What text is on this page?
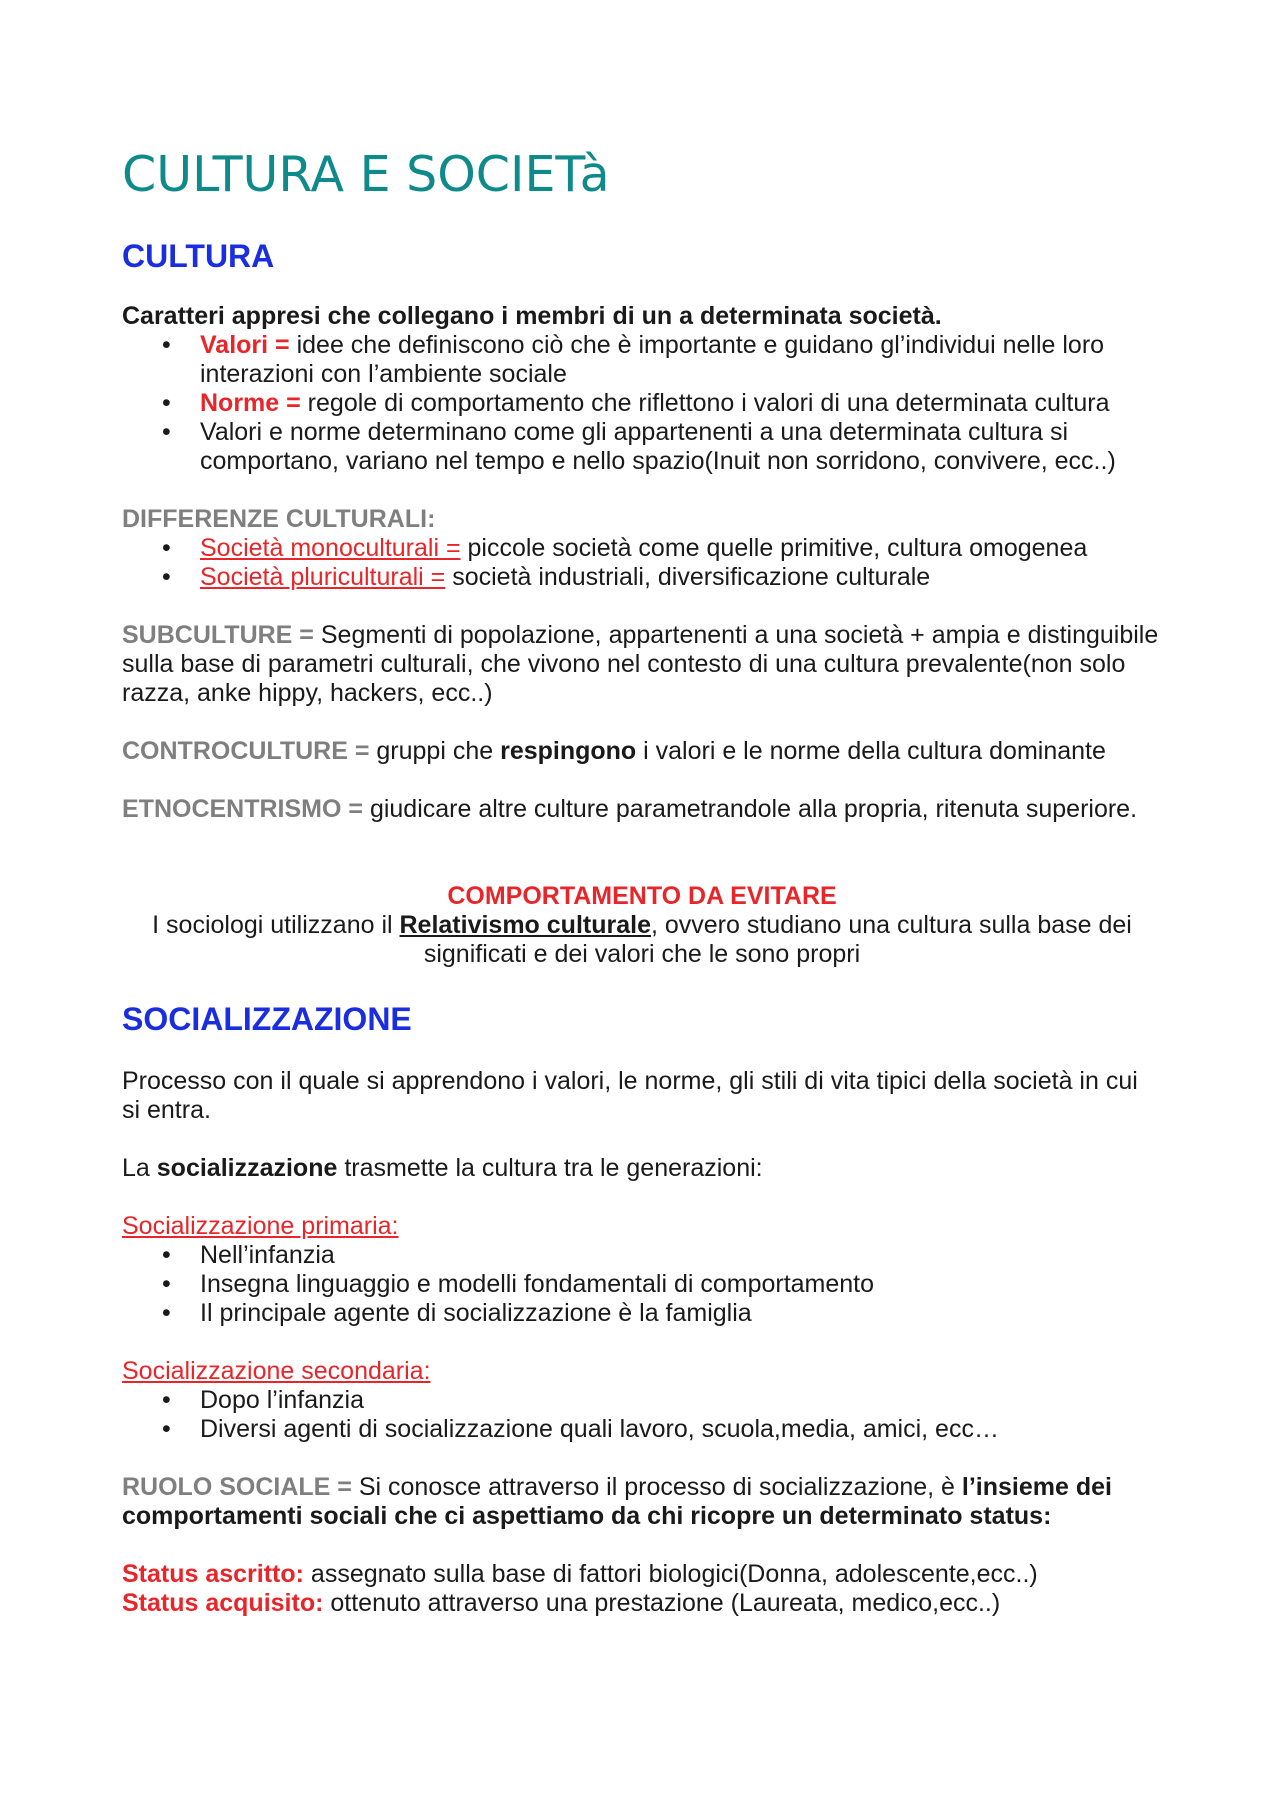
CULTURA E SOCIETà
CULTURA
Caratteri appresi che collegano i membri di un a determinata società.
• Valori = idee che definiscono ciò che è importante e guidano gl’individui nelle loro interazioni con l’ambiente sociale
• Norme = regole di comportamento che riflettono i valori di una determinata cultura
• Valori e norme determinano come gli appartenenti a una determinata cultura si comportano, variano nel tempo e nello spazio(Inuit non sorridono, convivere, ecc..)
DIFFERENZE CULTURALI:
• Società monoculturali = piccole società come quelle primitive, cultura omogenea
• Società pluriculturali = società industriali, diversificazione culturale
SUBCULTURE = Segmenti di popolazione, appartenenti a una società + ampia e distinguibile sulla base di parametri culturali, che vivono nel contesto di una cultura prevalente(non solo razza, anke hippy, hackers, ecc..)
CONTROCULTURE = gruppi che respingono i valori e le norme della cultura dominante
ETNOCENTRISMO = giudicare altre culture parametrandole alla propria, ritenuta superiore.
COMPORTAMENTO DA EVITARE
I sociologi utilizzano il Relativismo culturale, ovvero studiano una cultura sulla base dei significati e dei valori che le sono propri
SOCIALIZZAZIONE
Processo con il quale si apprendono i valori, le norme, gli stili di vita tipici della società in cui si entra.
La socializzazione trasmette la cultura tra le generazioni:
Socializzazione primaria:
• Nell’infanzia
• Insegna linguaggio e modelli fondamentali di comportamento
• Il principale agente di socializzazione è la famiglia
Socializzazione secondaria:
• Dopo l’infanzia
• Diversi agenti di socializzazione quali lavoro, scuola,media, amici, ecc…
RUOLO SOCIALE = Si conosce attraverso il processo di socializzazione, è l’insieme dei comportamenti sociali che ci aspettiamo da chi ricopre un determinato status:
Status ascritto: assegnato sulla base di fattori biologici(Donna, adolescente,ecc..)
Status acquisito: ottenuto attraverso una prestazione (Laureata, medico,ecc..)
